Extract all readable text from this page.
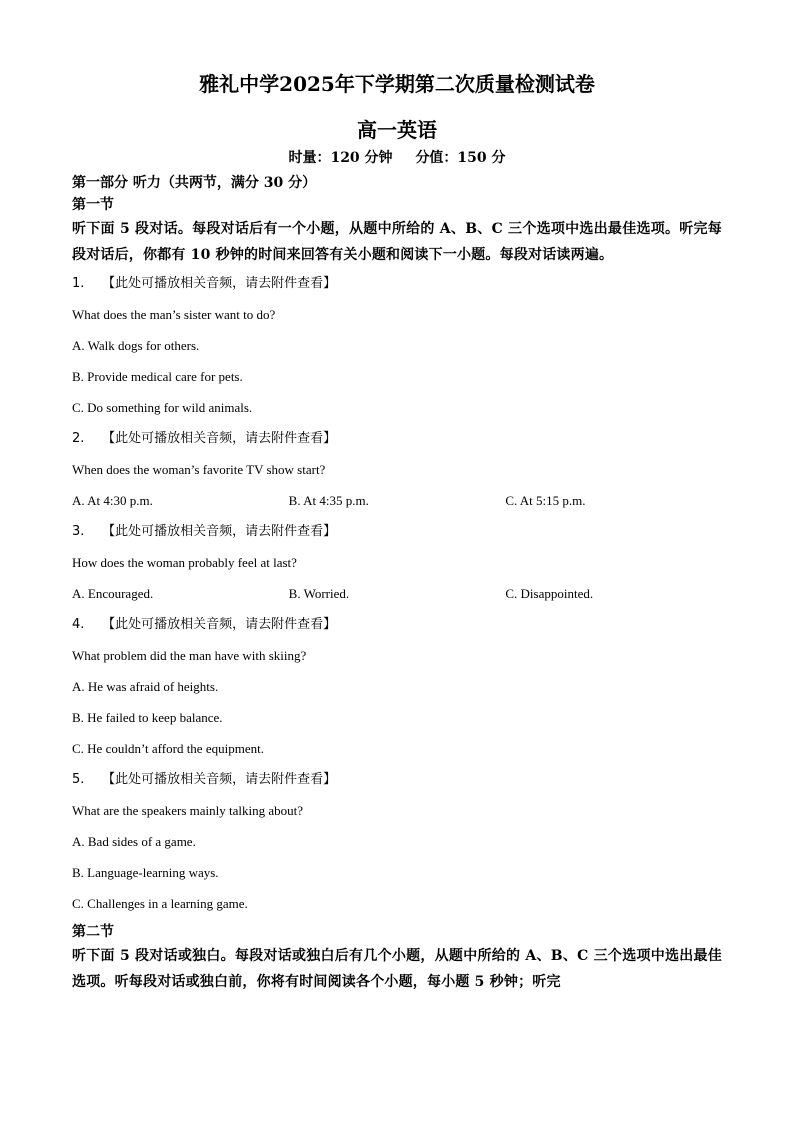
雅礼中学2025年下学期第二次质量检测试卷
高一英语
时量：120 分钟 分值：150 分

第一部分 听力（共两节，满分 30 分）

第一节

听下面 5 段对话。每段对话后有一个小题，从题中所给的 A、B、C 三个选项中选出最佳选项。听完每段对话后，你都有 10 秒钟的时间来回答有关小题和阅读下一小题。每段对话读两遍。

1. 【此处可播放相关音频，请去附件查看】
What does the man’s sister want to do?
A. Walk dogs for others.
B. Provide medical care for pets.
C. Do something for wild animals.
2. 【此处可播放相关音频，请去附件查看】
When does the woman’s favorite TV show start?
A. At 4:30 p.m.	B. At 4:35 p.m.	C. At 5:15 p.m.
3. 【此处可播放相关音频，请去附件查看】
How does the woman probably feel at last?
A. Encouraged.	B. Worried.	C. Disappointed.
4. 【此处可播放相关音频，请去附件查看】
What problem did the man have with skiing?
A. He was afraid of heights.
B. He failed to keep balance.
C. He couldn’t afford the equipment.
5. 【此处可播放相关音频，请去附件查看】
What are the speakers mainly talking about?
A. Bad sides of a game.
B. Language-learning ways.
C. Challenges in a learning game.

第二节

听下面 5 段对话或独白。每段对话或独白后有几个小题，从题中所给的 A、B、C 三个选项中选出最佳选项。听每段对话或独白前，你将有时间阅读各个小题，每小题 5 秒钟；听完
